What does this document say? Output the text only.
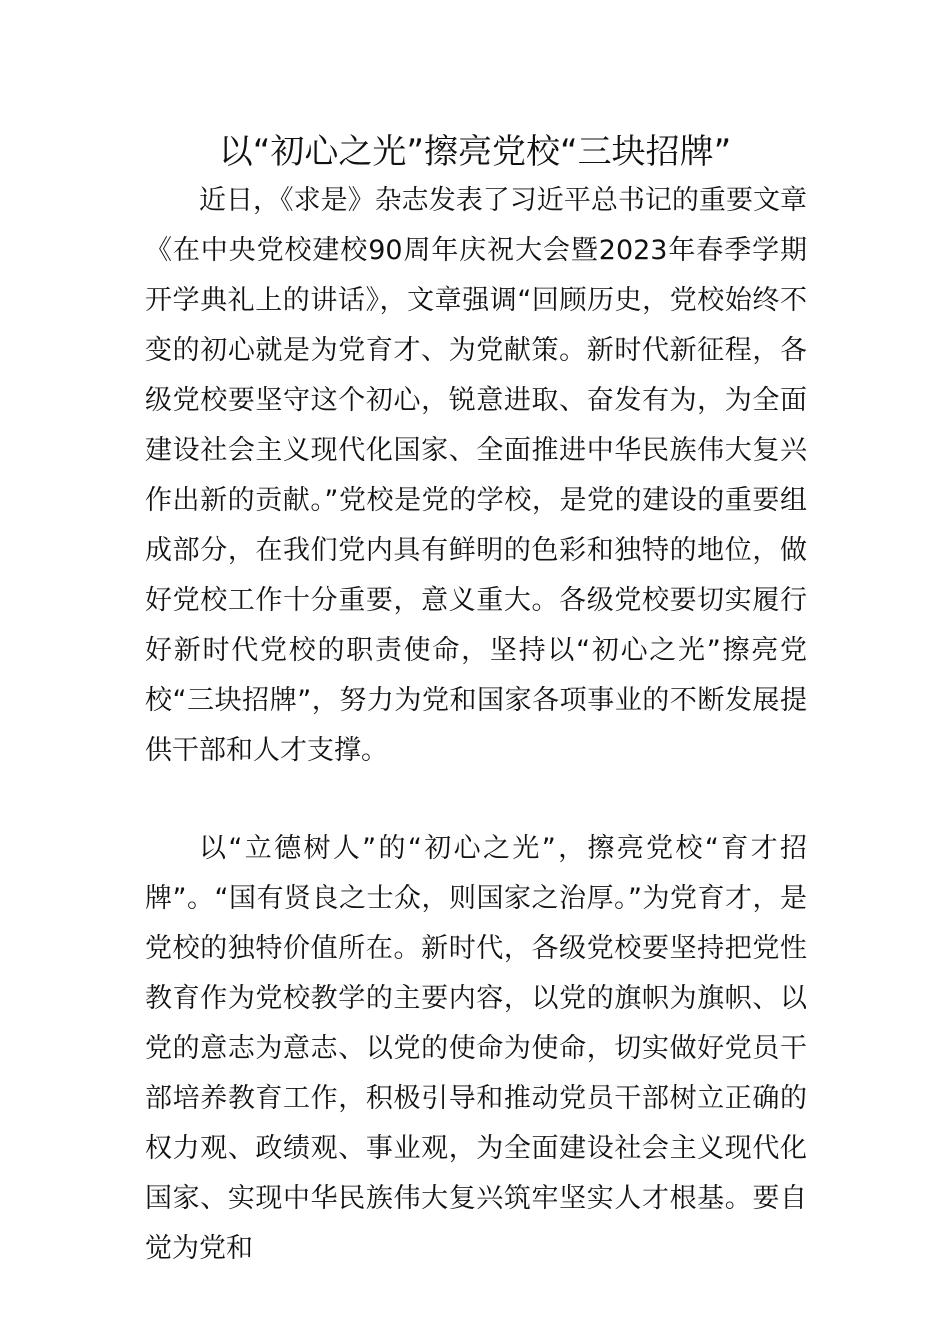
以“初心之光”擦亮党校“三块招牌”

近日，《求是》杂志发表了习近平总书记的重要文章《在中央党校建校90周年庆祝大会暨2023年春季学期开学典礼上的讲话》，文章强调“回顾历史，党校始终不变的初心就是为党育才、为党献策。新时代新征程，各级党校要坚守这个初心，锐意进取、奋发有为，为全面建设社会主义现代化国家、全面推进中华民族伟大复兴作出新的贡献。”党校是党的学校，是党的建设的重要组成部分，在我们党内具有鲜明的色彩和独特的地位，做好党校工作十分重要，意义重大。各级党校要切实履行好新时代党校的职责使命，坚持以“初心之光”擦亮党校“三块招牌”，努力为党和国家各项事业的不断发展提供干部和人才支撑。

以“立德树人”的“初心之光”，擦亮党校“育才招牌”。“国有贤良之士众，则国家之治厚。”为党育才，是党校的独特价值所在。新时代，各级党校要坚持把党性教育作为党校教学的主要内容，以党的旗帜为旗帜、以党的意志为意志、以党的使命为使命，切实做好党员干部培养教育工作，积极引导和推动党员干部树立正确的权力观、政绩观、事业观，为全面建设社会主义现代化国家、实现中华民族伟大复兴筑牢坚实人才根基。要自觉为党和
